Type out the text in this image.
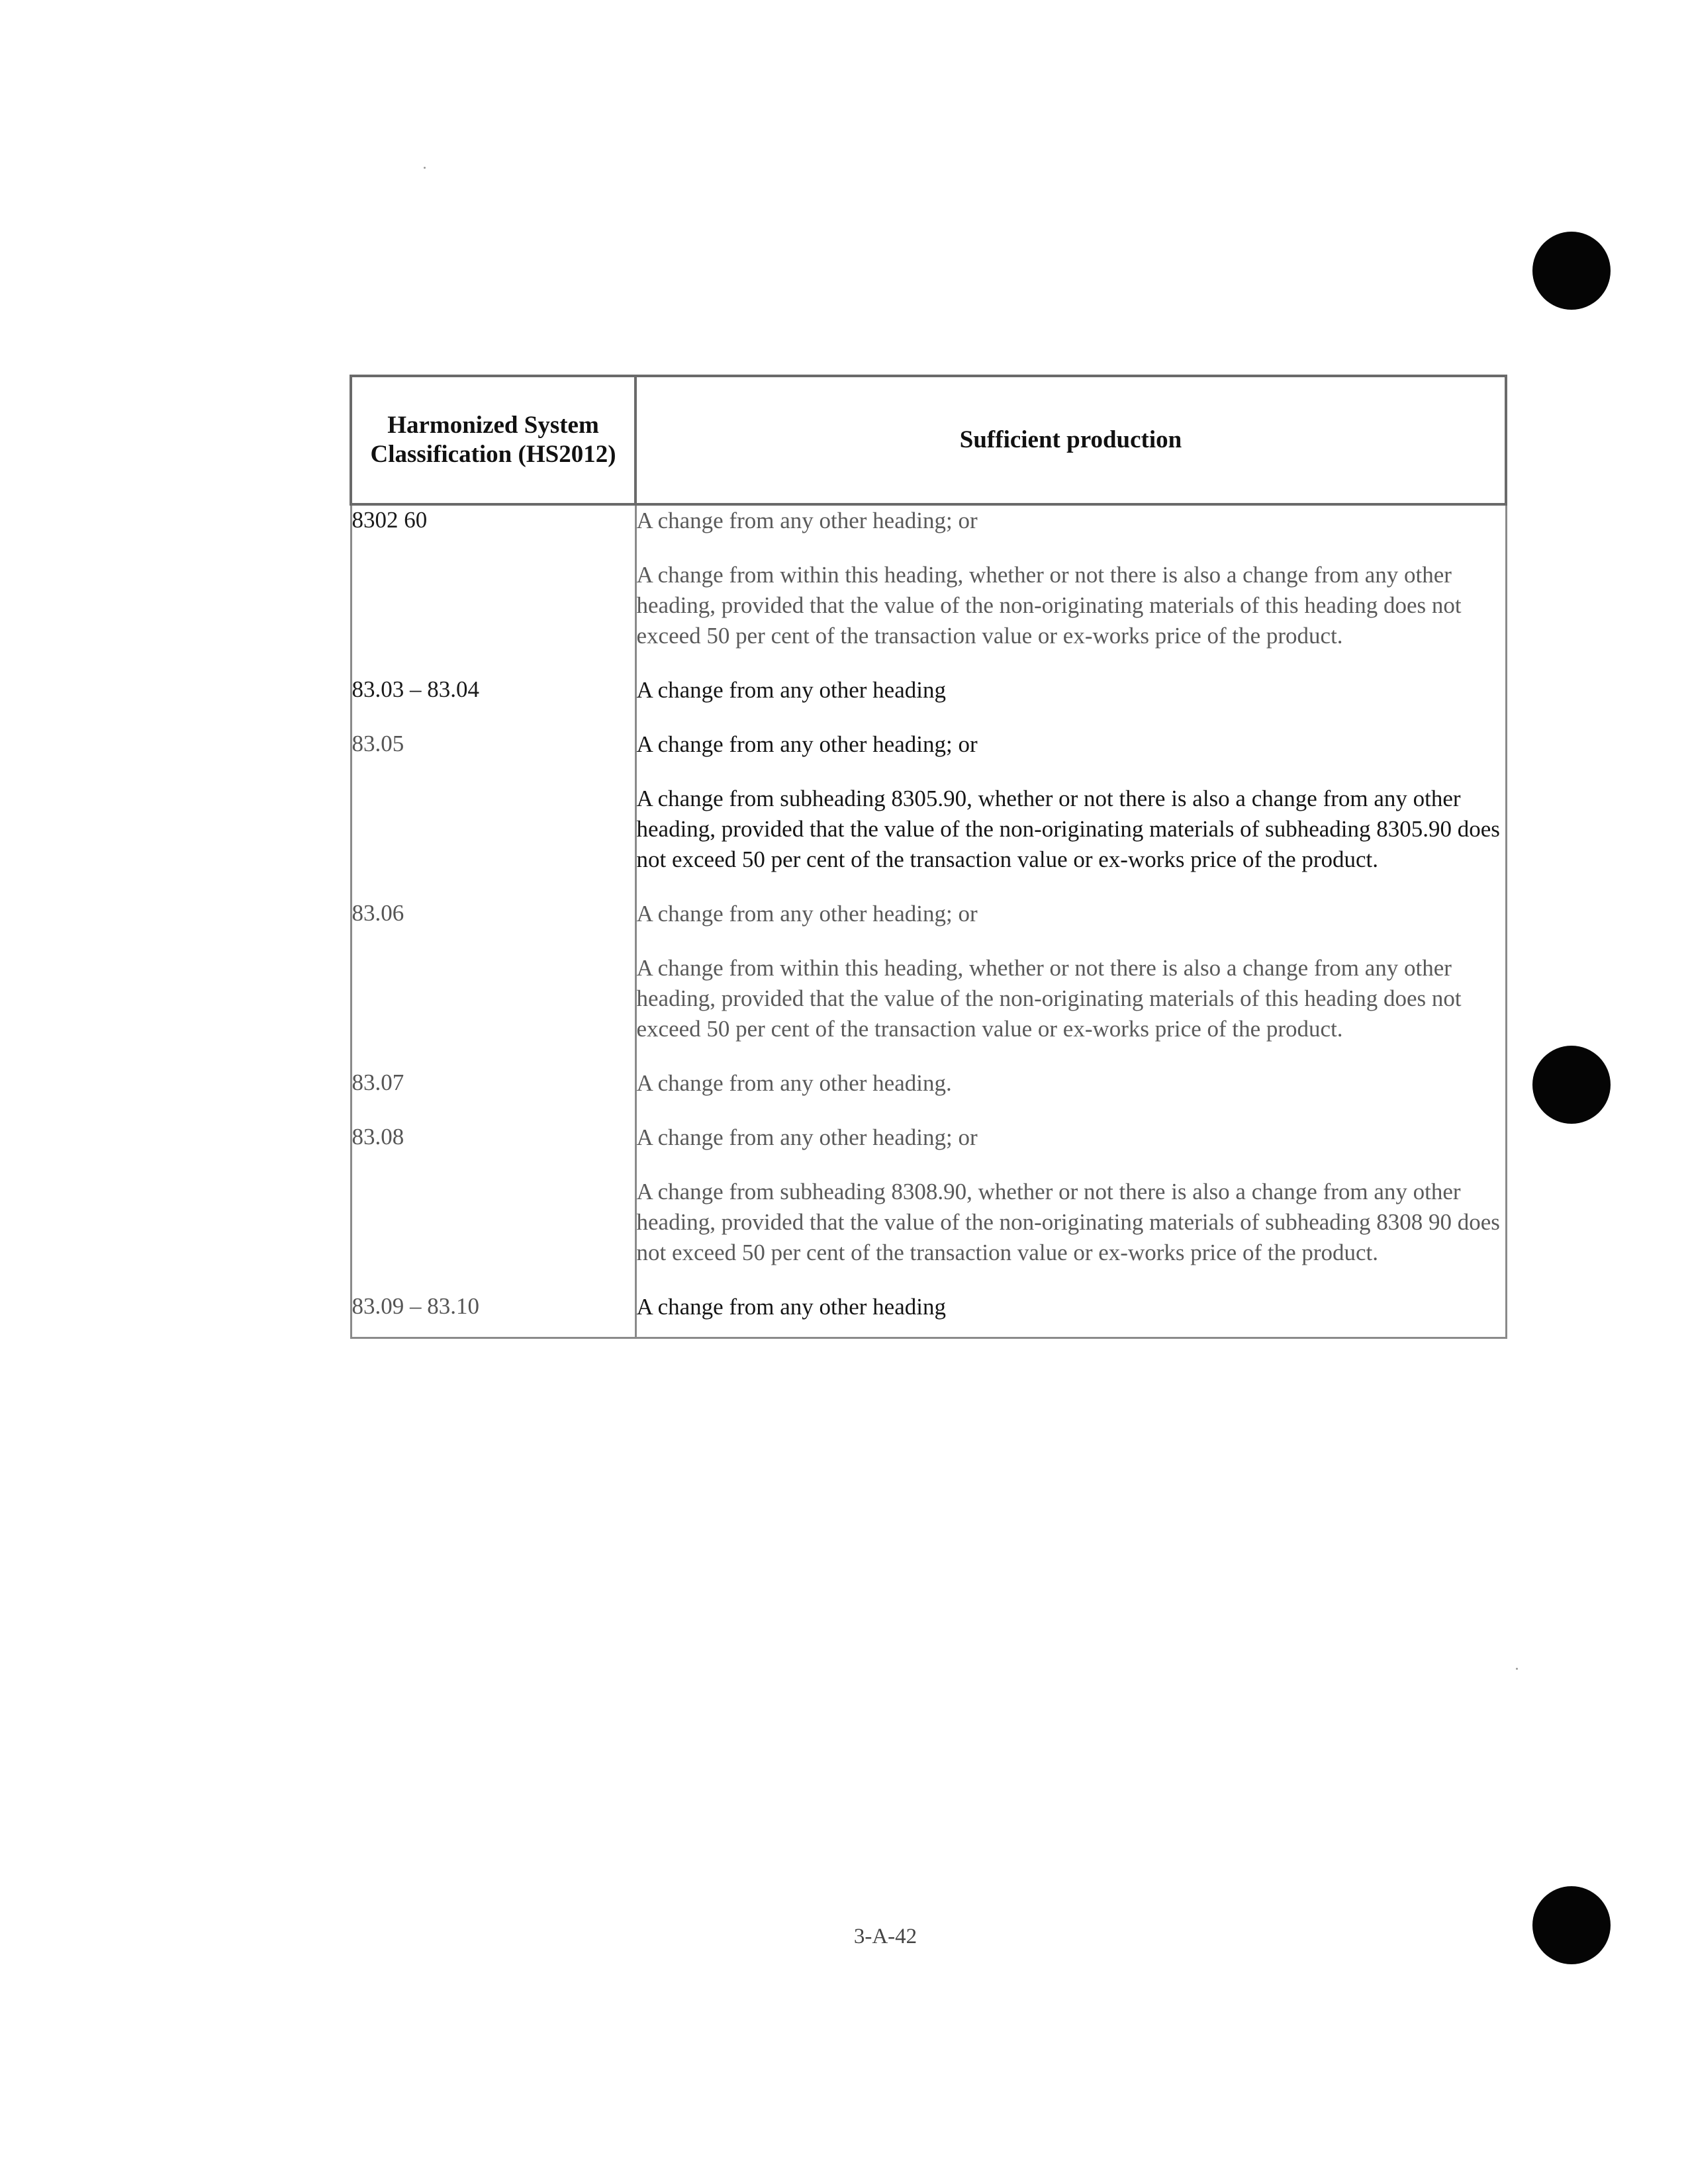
Harmonized System Classification (HS2012)	Sufficient production
8302 60	A change from any other heading; or

A change from within this heading, whether or not there is also a change from any other heading, provided that the value of the non-originating materials of this heading does not exceed 50 per cent of the transaction value or ex-works price of the product.

83.03 – 83.04	A change from any other heading

83.05	A change from any other heading; or

A change from subheading 8305.90, whether or not there is also a change from any other heading, provided that the value of the non-originating materials of subheading 8305.90 does not exceed 50 per cent of the transaction value or ex-works price of the product.

83.06	A change from any other heading; or

A change from within this heading, whether or not there is also a change from any other heading, provided that the value of the non-originating materials of this heading does not exceed 50 per cent of the transaction value or ex-works price of the product.

83.07	A change from any other heading.

83.08	A change from any other heading; or

A change from subheading 8308.90, whether or not there is also a change from any other heading, provided that the value of the non-originating materials of subheading 8308 90 does not exceed 50 per cent of the transaction value or ex-works price of the product.

83.09 – 83.10	A change from any other heading

3-A-42
